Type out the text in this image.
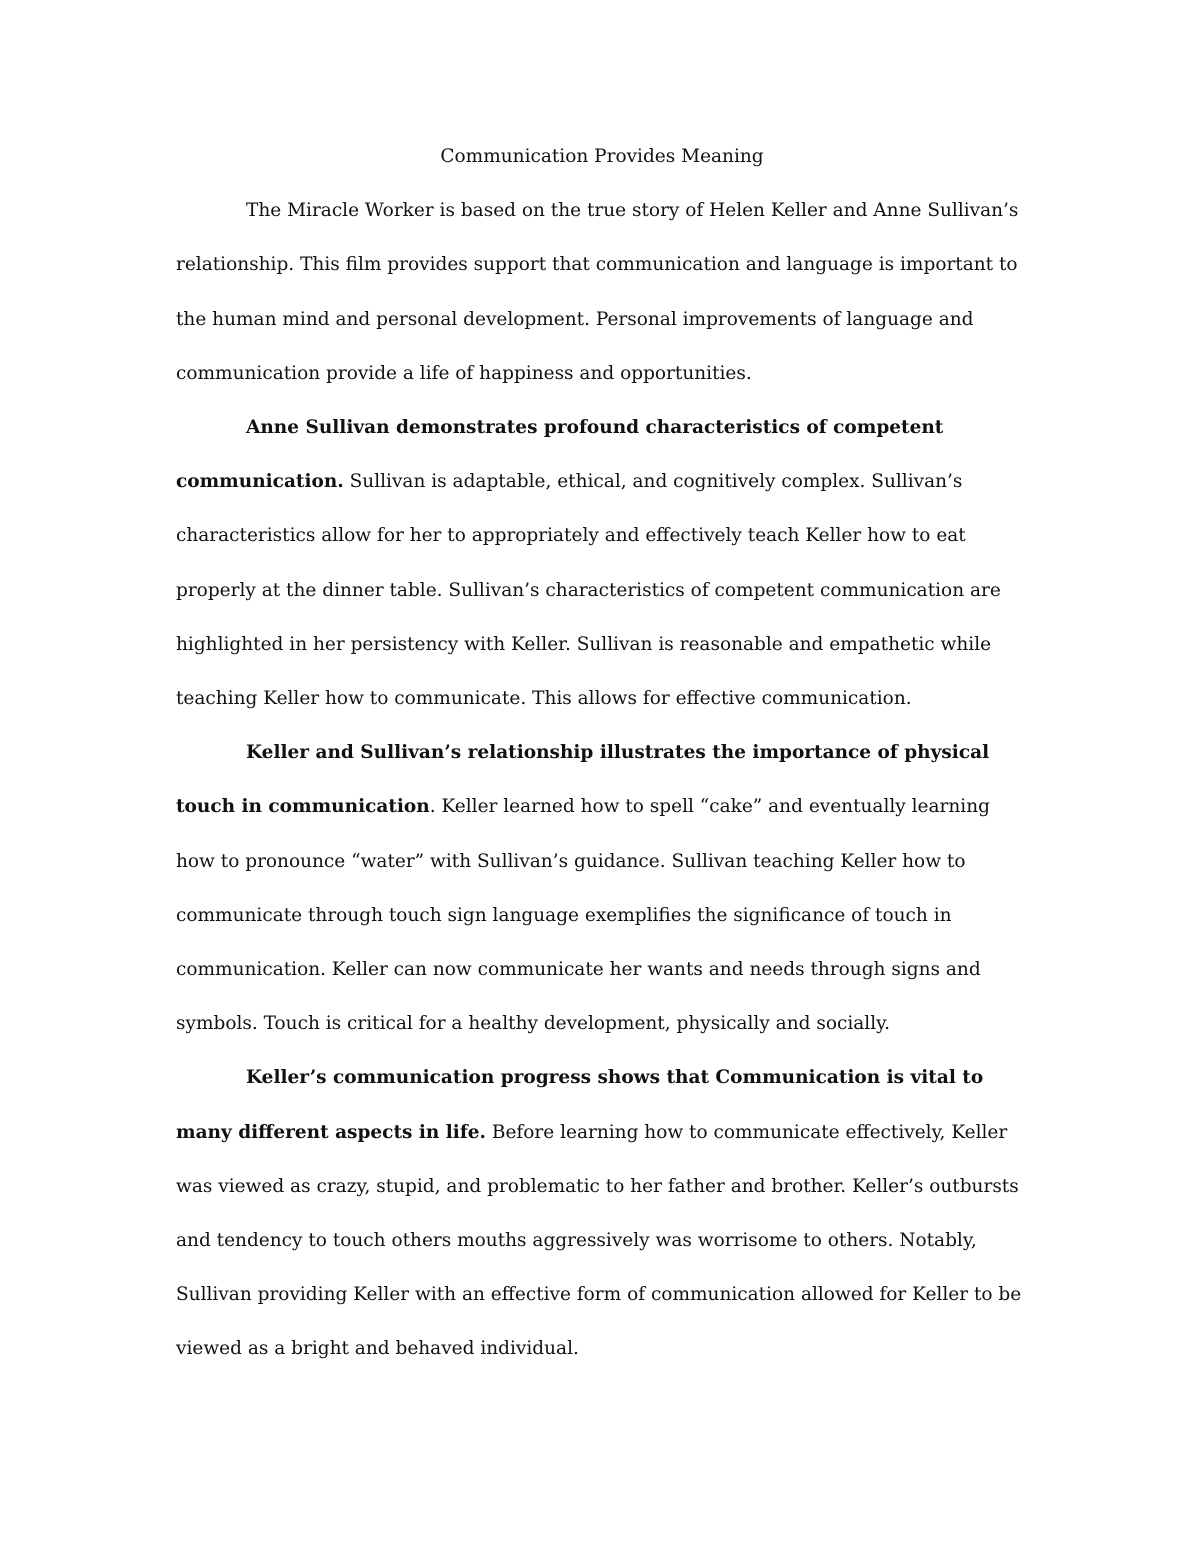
Communication Provides Meaning

The Miracle Worker is based on the true story of Helen Keller and Anne Sullivan’s relationship. This film provides support that communication and language is important to the human mind and personal development. Personal improvements of language and communication provide a life of happiness and opportunities.

Anne Sullivan demonstrates profound characteristics of competent communication. Sullivan is adaptable, ethical, and cognitively complex. Sullivan’s characteristics allow for her to appropriately and effectively teach Keller how to eat properly at the dinner table. Sullivan’s characteristics of competent communication are highlighted in her persistency with Keller. Sullivan is reasonable and empathetic while teaching Keller how to communicate. This allows for effective communication.

Keller and Sullivan’s relationship illustrates the importance of physical touch in communication. Keller learned how to spell “cake” and eventually learning how to pronounce “water” with Sullivan’s guidance. Sullivan teaching Keller how to communicate through touch sign language exemplifies the significance of touch in communication. Keller can now communicate her wants and needs through signs and symbols. Touch is critical for a healthy development, physically and socially.

Keller’s communication progress shows that Communication is vital to many different aspects in life. Before learning how to communicate effectively, Keller was viewed as crazy, stupid, and problematic to her father and brother. Keller’s outbursts and tendency to touch others mouths aggressively was worrisome to others. Notably, Sullivan providing Keller with an effective form of communication allowed for Keller to be viewed as a bright and behaved individual.
